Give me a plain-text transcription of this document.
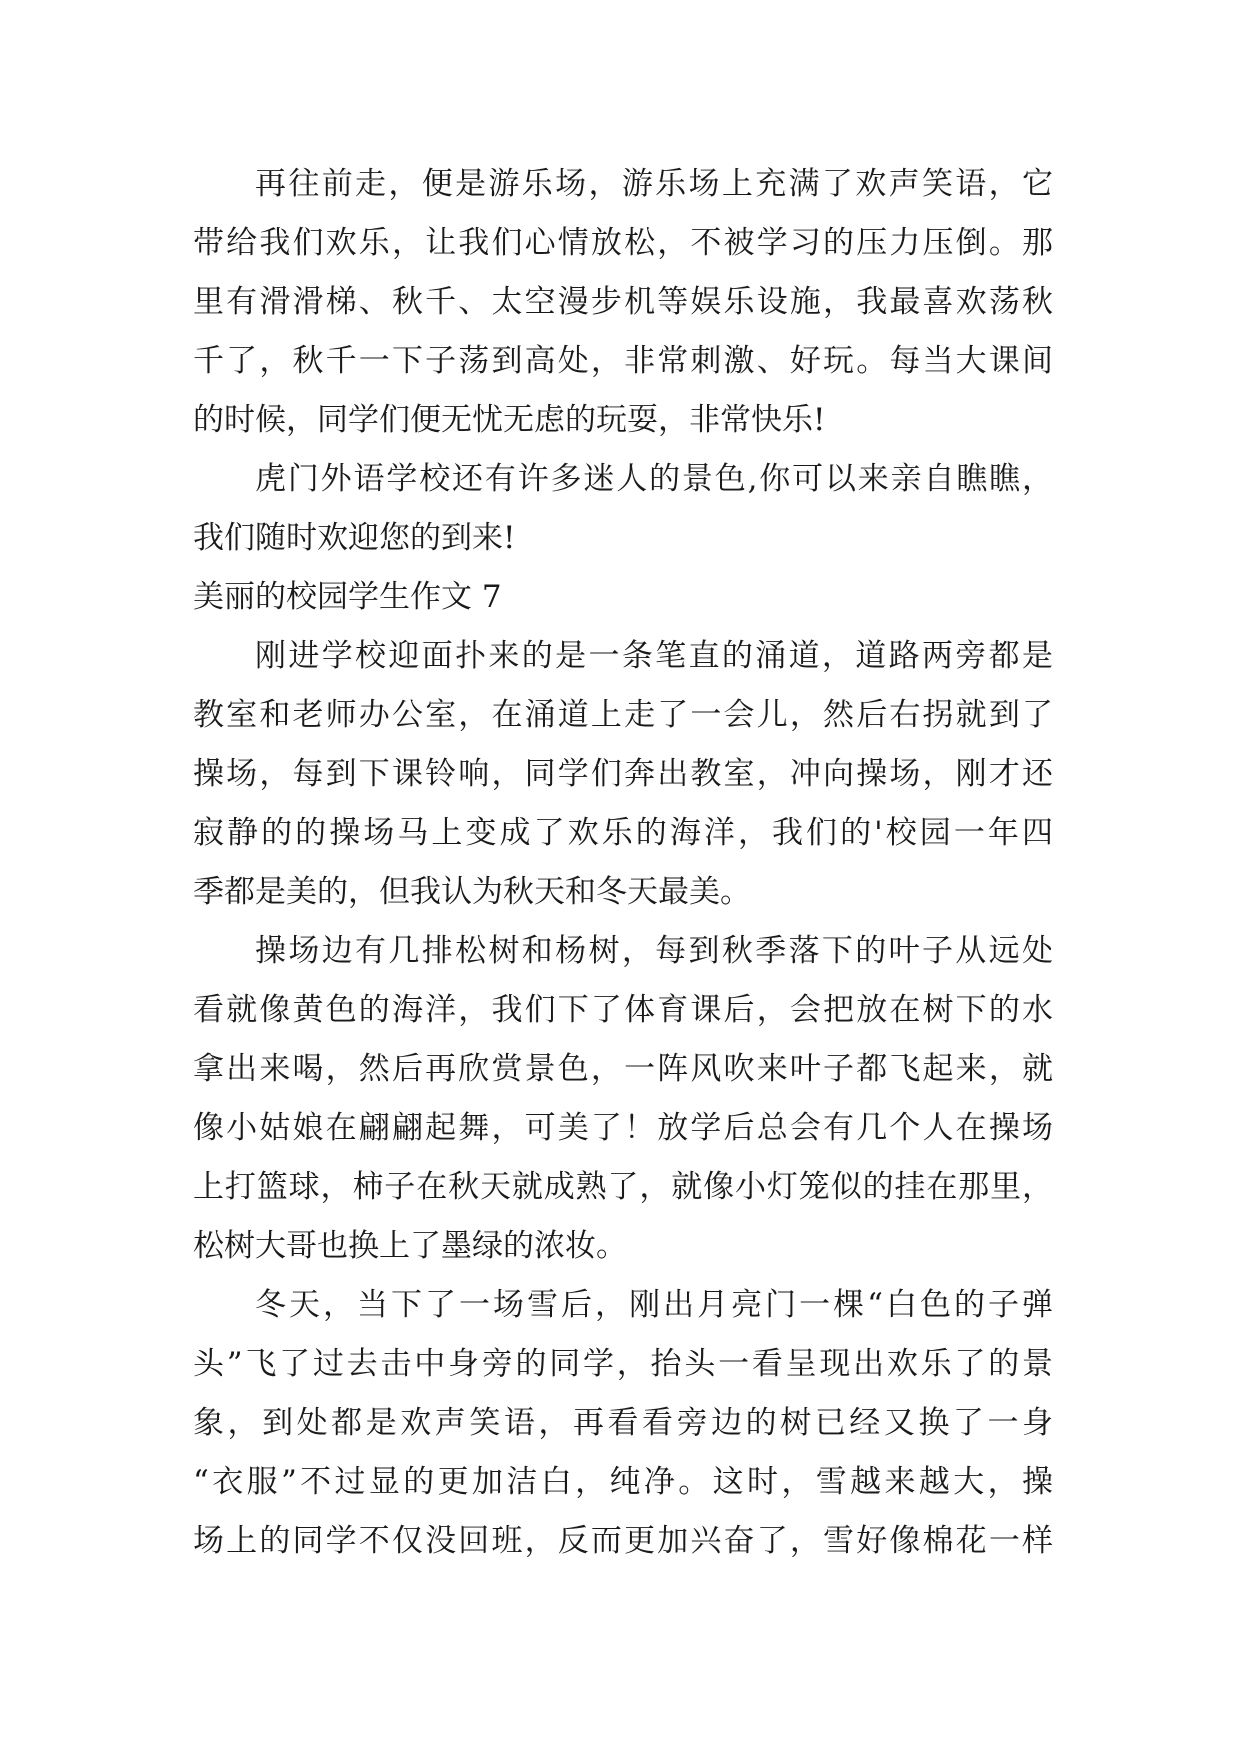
再往前走，便是游乐场，游乐场上充满了欢声笑语，它
带给我们欢乐，让我们心情放松，不被学习的压力压倒。那
里有滑滑梯、秋千、太空漫步机等娱乐设施，我最喜欢荡秋
千了，秋千一下子荡到高处，非常刺激、好玩。每当大课间
的时候，同学们便无忧无虑的玩耍，非常快乐!
虎门外语学校还有许多迷人的景色,你可以来亲自瞧瞧，
我们随时欢迎您的到来!
美丽的校园学生作文 7
刚进学校迎面扑来的是一条笔直的涌道，道路两旁都是
教室和老师办公室，在涌道上走了一会儿，然后右拐就到了
操场，每到下课铃响，同学们奔出教室，冲向操场，刚才还
寂静的的操场马上变成了欢乐的海洋，我们的'校园一年四
季都是美的，但我认为秋天和冬天最美。
操场边有几排松树和杨树，每到秋季落下的叶子从远处
看就像黄色的海洋，我们下了体育课后，会把放在树下的水
拿出来喝，然后再欣赏景色，一阵风吹来叶子都飞起来，就
像小姑娘在翩翩起舞，可美了！放学后总会有几个人在操场
上打篮球，柿子在秋天就成熟了，就像小灯笼似的挂在那里，
松树大哥也换上了墨绿的浓妆。
冬天，当下了一场雪后，刚出月亮门一棵“白色的子弹
头”飞了过去击中身旁的同学，抬头一看呈现出欢乐了的景
象，到处都是欢声笑语，再看看旁边的树已经又换了一身
“衣服”不过显的更加洁白，纯净。这时，雪越来越大，操
场上的同学不仅没回班，反而更加兴奋了，雪好像棉花一样
